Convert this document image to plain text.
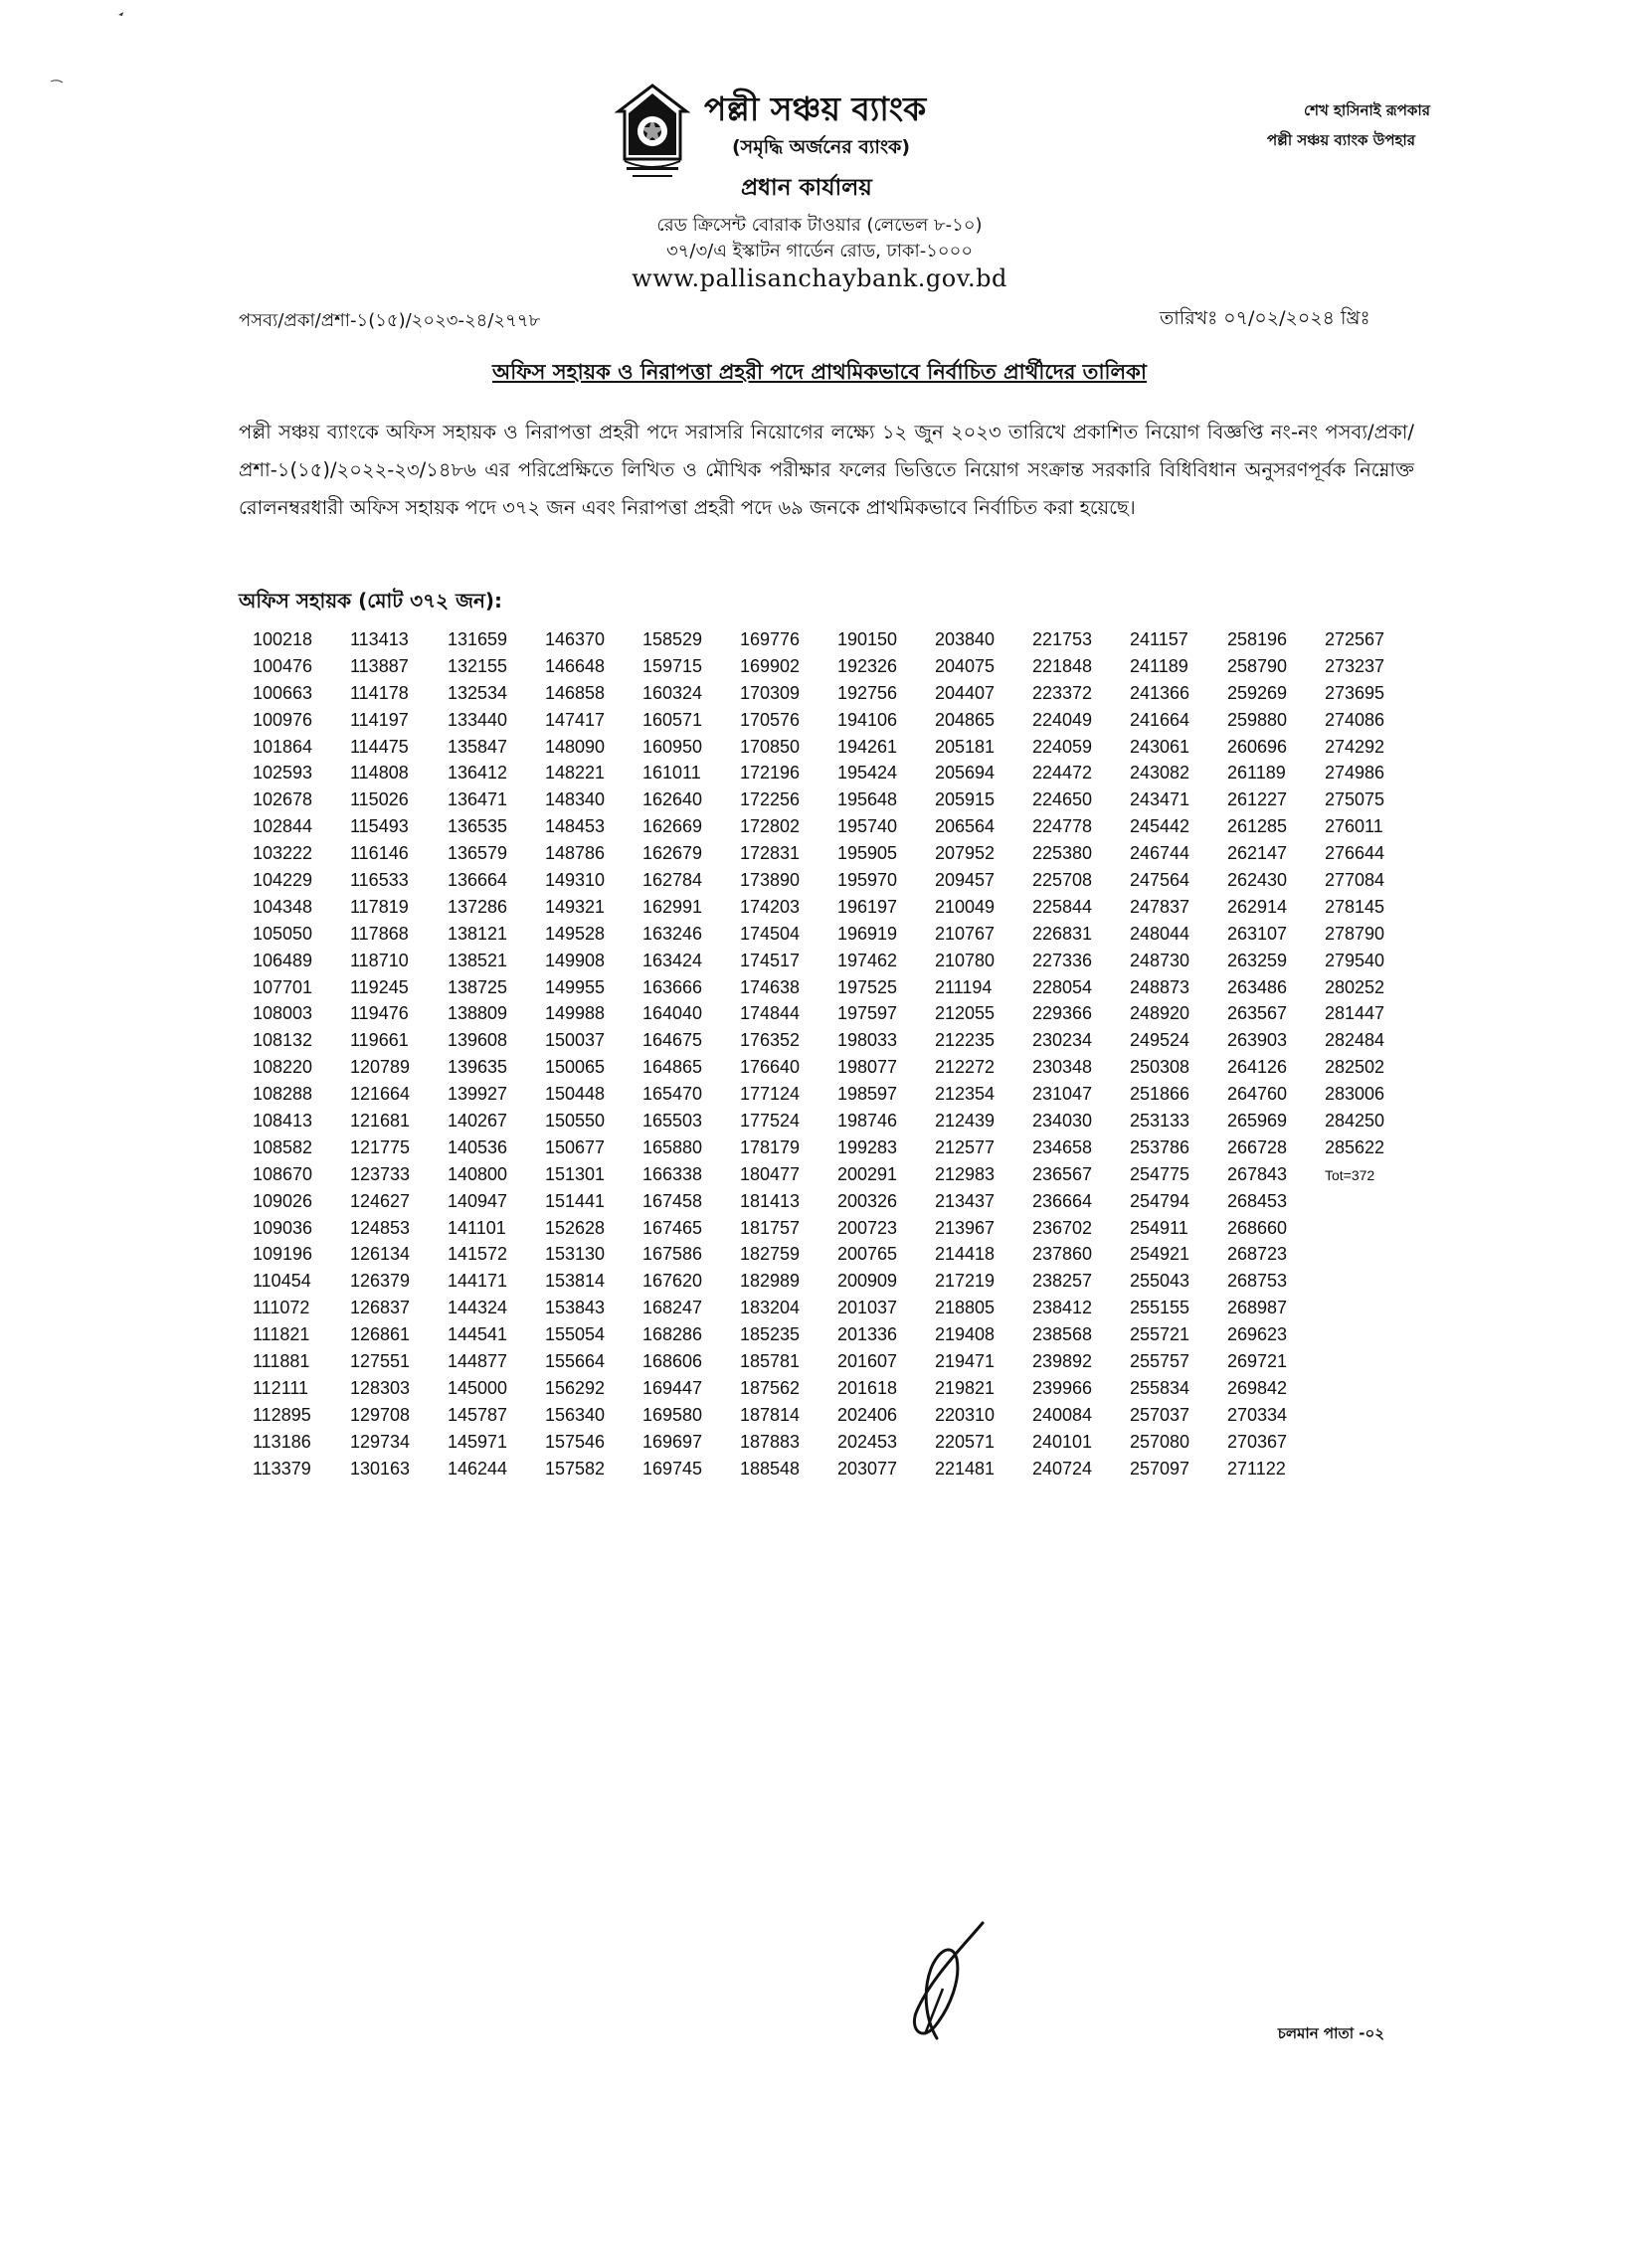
পল্লী সঞ্চয় ব্যাংক
(সমৃদ্ধি অর্জনের ব্যাংক)
প্রধান কার্যালয়
রেড ক্রিসেন্ট বোরাক টাওয়ার (লেভেল ৮-১০)
৩৭/৩/এ ইস্কাটন গার্ডেন রোড, ঢাকা-১০০০
www.pallisanchaybank.gov.bd
শেখ হাসিনাই রূপকার
পল্লী সঞ্চয় ব্যাংক উপহার
পসব্য/প্রকা/প্রশা-১(১৫)/২০২৩-২৪/২৭৭৮	তারিখঃ ০৭/০২/২০২৪ খ্রিঃ
অফিস সহায়ক ও নিরাপত্তা প্রহরী পদে প্রাথমিকভাবে নির্বাচিত প্রার্থীদের তালিকা
পল্লী সঞ্চয় ব্যাংকে অফিস সহায়ক ও নিরাপত্তা প্রহরী পদে সরাসরি নিয়োগের লক্ষ্যে ১২ জুন ২০২৩ তারিখে প্রকাশিত নিয়োগ বিজ্ঞপ্তি নং-নং পসব্য/প্রকা/প্রশা-১(১৫)/২০২২-২৩/১৪৮৬ এর পরিপ্রেক্ষিতে লিখিত ও মৌখিক পরীক্ষার ফলের ভিত্তিতে নিয়োগ সংক্রান্ত সরকারি বিধিবিধান অনুসরণপূর্বক নিম্নোক্ত রোলনম্বরধারী অফিস সহায়ক পদে ৩৭২ জন এবং নিরাপত্তা প্রহরী পদে ৬৯ জনকে প্রাথমিকভাবে নির্বাচিত করা হয়েছে।
অফিস সহায়ক (মোট ৩৭২ জন):
100218
100476
100663
100976
101864
102593
102678
102844
103222
104229
104348
105050
106489
107701
108003
108132
108220
108288
108413
108582
108670
109026
109036
109196
110454
111072
111821
111881
112111
112895
113186
113379
113413
113887
114178
114197
114475
114808
115026
115493
116146
116533
117819
117868
118710
119245
119476
119661
120789
121664
121681
121775
123733
124627
124853
126134
126379
126837
126861
127551
128303
129708
129734
130163
131659
132155
132534
133440
135847
136412
136471
136535
136579
136664
137286
138121
138521
138725
138809
139608
139635
139927
140267
140536
140800
140947
141101
141572
144171
144324
144541
144877
145000
145787
145971
146244
146370
146648
146858
147417
148090
148221
148340
148453
148786
149310
149321
149528
149908
149955
149988
150037
150065
150448
150550
150677
151301
151441
152628
153130
153814
153843
155054
155664
156292
156340
157546
157582
158529
159715
160324
160571
160950
161011
162640
162669
162679
162784
162991
163246
163424
163666
164040
164675
164865
165470
165503
165880
166338
167458
167465
167586
167620
168247
168286
168606
169447
169580
169697
169745
169776
169902
170309
170576
170850
172196
172256
172802
172831
173890
174203
174504
174517
174638
174844
176352
176640
177124
177524
178179
180477
181413
181757
182759
182989
183204
185235
185781
187562
187814
187883
188548
190150
192326
192756
194106
194261
195424
195648
195740
195905
195970
196197
196919
197462
197525
197597
198033
198077
198597
198746
199283
200291
200326
200723
200765
200909
201037
201336
201607
201618
202406
202453
203077
203840
204075
204407
204865
205181
205694
205915
206564
207952
209457
210049
210767
210780
211194
212055
212235
212272
212354
212439
212577
212983
213437
213967
214418
217219
218805
219408
219471
219821
220310
220571
221481
221753
221848
223372
224049
224059
224472
224650
224778
225380
225708
225844
226831
227336
228054
229366
230234
230348
231047
234030
234658
236567
236664
236702
237860
238257
238412
238568
239892
239966
240084
240101
240724
241157
241189
241366
241664
243061
243082
243471
245442
246744
247564
247837
248044
248730
248873
248920
249524
250308
251866
253133
253786
254775
254794
254911
254921
255043
255155
255721
255757
255834
257037
257080
257097
258196
258790
259269
259880
260696
261189
261227
261285
262147
262430
262914
263107
263259
263486
263567
263903
264126
264760
265969
266728
267843
268453
268660
268723
268753
268987
269623
269721
269842
270334
270367
271122
272567
273237
273695
274086
274292
274986
275075
276011
276644
277084
278145
278790
279540
280252
281447
282484
282502
283006
284250
285622
Tot=372
চলমান পাতা -০২
